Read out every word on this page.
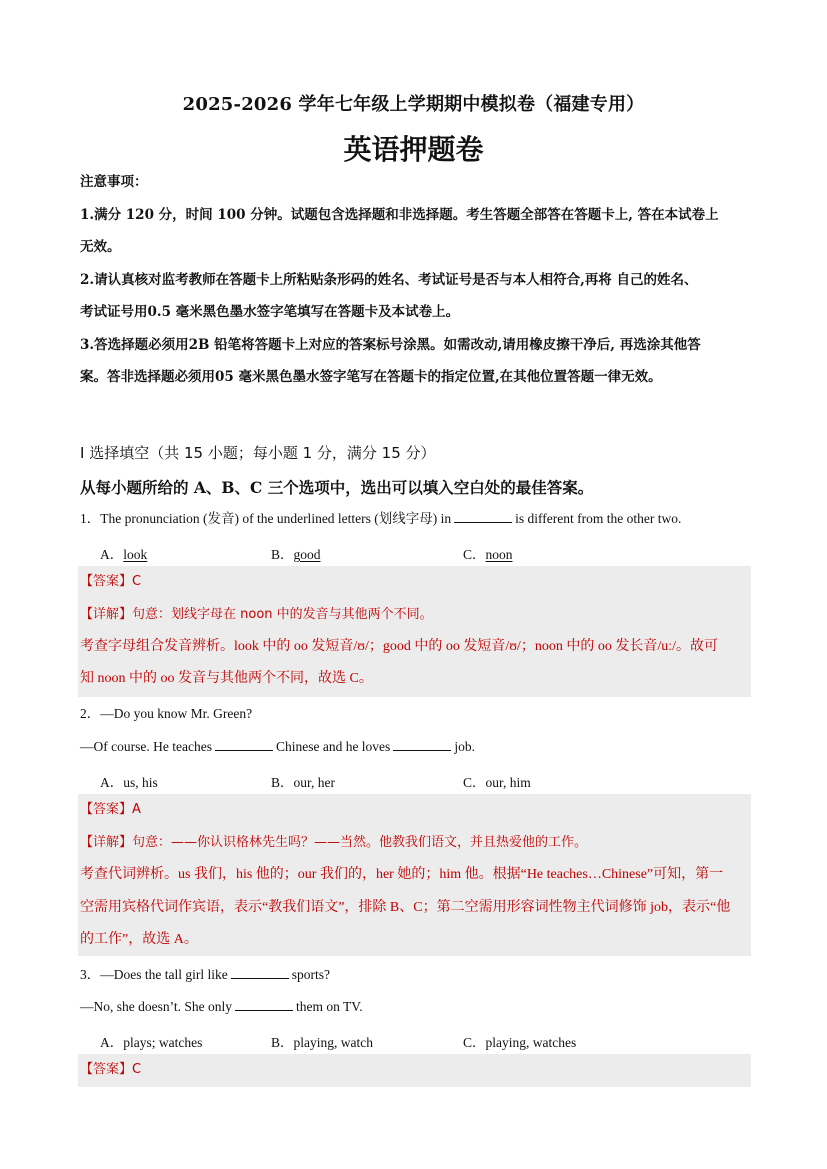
2025-2026 学年七年级上学期期中模拟卷（福建专用）
英语押题卷
注意事项：
1.满分 120 分，时间 100 分钟。试题包含选择题和非选择题。考生答题全部答在答题卡上, 答在本试卷上
无效。
2.请认真核对监考教师在答题卡上所粘贴条形码的姓名、考试证号是否与本人相符合,再将 自己的姓名、
考试证号用0.5 毫米黑色墨水签字笔填写在答题卡及本试卷上。
3.答选择题必须用2B 铅笔将答题卡上对应的答案标号涂黑。如需改动,请用橡皮擦干净后, 再选涂其他答
案。答非选择题必须用05 毫米黑色墨水签字笔写在答题卡的指定位置,在其他位置答题一律无效。
I 选择填空（共 15 小题；每小题 1 分，满分 15 分）
从每小题所给的 A、B、C 三个选项中，选出可以填入空白处的最佳答案。
1．The pronunciation (发音) of the underlined letters (划线字母) in	is different from the other two.
A．look	B．good	C．noon
【答案】C
【详解】句意：划线字母在 noon 中的发音与其他两个不同。
考查字母组合发音辨析。look 中的 oo 发短音/ʊ/；good 中的 oo 发短音/ʊ/；noon 中的 oo 发长音/uː/。故可
知 noon 中的 oo 发音与其他两个不同，故选 C。
2．—Do you know Mr. Green?
—Of course. He teaches	Chinese and he loves	job.
A．us, his	B．our, her	C．our, him
【答案】A
【详解】句意：——你认识格林先生吗？——当然。他教我们语文，并且热爱他的工作。
考查代词辨析。us 我们，his 他的；our 我们的，her 她的；him 他。根据“He teaches…Chinese”可知，第一
空需用宾格代词作宾语，表示“教我们语文”，排除 B、C；第二空需用形容词性物主代词修饰 job，表示“他
的工作”，故选 A。
3．—Does the tall girl like	sports?
—No, she doesn’t. She only	them on TV.
A．plays; watches	B．playing, watch	C．playing, watches
【答案】C
